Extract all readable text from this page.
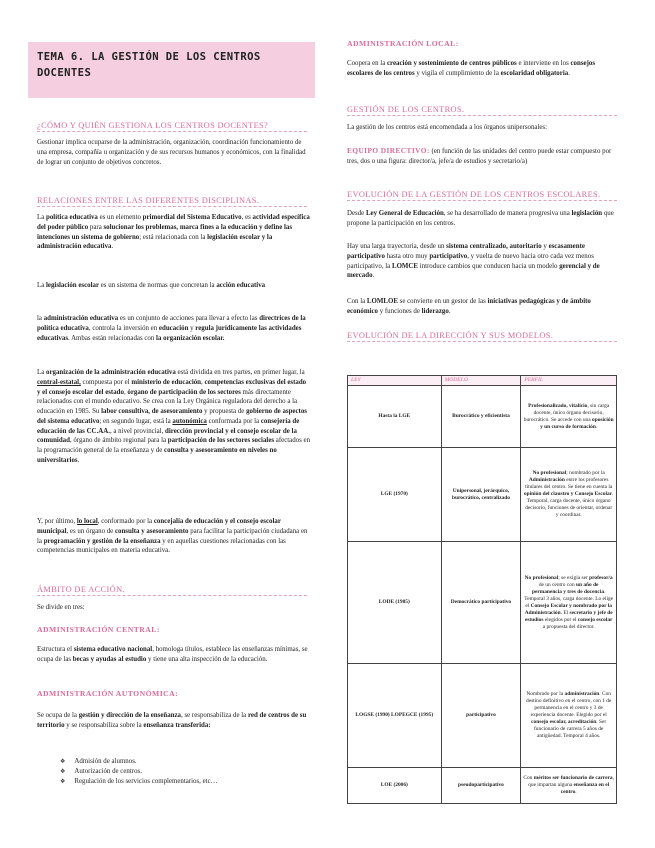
TEMA 6. LA GESTIÓN DE LOS CENTROS DOCENTES
¿CÓMO Y QUIÉN GESTIONA LOS CENTROS DOCENTES?
Gestionar implica ocuparse de la administración, organización, coordinación funcionamiento de una empresa, compañía u organización y de sus recursos humanos y económicos, con la finalidad de lograr un conjunto de objetivos concretos.
RELACIONES ENTRE LAS DIFERENTES DISCIPLINAS.
La política educativa es un elemento primordial del Sistema Educativo, es actividad específica del poder público para solucionar los problemas, marca fines a la educación y define las intenciones un sistema de gobierno; está relacionada con la legislación escolar y la administración educativa.
La legislación escolar es un sistema de normas que concretan la acción educativa
la administración educativa es un conjunto de acciones para llevar a efecto las directrices de la política educativa, controla la inversión en educación y regula jurídicamente las actividades educativas. Ambas están relacionadas con la organización escolar.
La organización de la administración educativa está dividida en tres partes, en primer lugar, la central-estatal, compuesta por el ministerio de educación, competencias exclusivas del estado y el consejo escolar del estado, órgano de participación de los sectores más directamente relacionados con el mundo educativo. Se crea con la Ley Orgánica reguladora del derecho a la educación en 1985. Su labor consultiva, de asesoramiento y propuesta de gobierno de aspectos del sistema educativo; en segundo lugar, está la autonómica conformada por la consejería de educación de las CC.AA., a nivel provincial, dirección provincial y el consejo escolar de la comunidad, órgano de ámbito regional para la participación de los sectores sociales afectados en la programación general de la enseñanza y de consulta y asesoramiento en niveles no universitarios.
Y, por último, lo local, conformado por la concejalía de educación y el consejo escolar municipal, es un órgano de consulta y asesoramiento para facilitar la participación ciudadana en la programación y gestión de la enseñanza y en aquellas cuestiones relacionadas con las competencias municipales en materia educativa.
ÁMBITO DE ACCIÓN.
Se divide en tres:
ADMINISTRACIÓN CENTRAL:
Estructura el sistema educativo nacional, homologa títulos, establece las enseñanzas mínimas, se ocupa de las becas y ayudas al estudio y tiene una alta inspección de la educación.
ADMINISTRACIÓN AUTONÓMICA:
Se ocupa de la gestión y dirección de la enseñanza, se responsabiliza de la red de centros de su territorio y se responsabiliza sobre la enseñanza transferida:
❖ Admisión de alumnos.
❖ Autorización de centros.
❖ Regulación de los servicios complementarios, etc…
ADMINISTRACIÓN LOCAL:
Coopera en la creación y sostenimiento de centros públicos e interviene en los consejos escolares de los centros y vigila el cumplimiento de la escolaridad obligatoria.
GESTIÓN DE LOS CENTROS.
La gestión de los centros está encomendada a los órganos unipersonales:
EQUIPO DIRECTIVO: (en función de las unidades del centro puede estar compuesto por tres, dos o una figura: director/a, jefe/a de estudios y secretario/a)
EVOLUCIÓN DE LA GESTIÓN DE LOS CENTROS ESCOLARES.
Desde Ley General de Educación, se ha desarrollado de manera progresiva una legislación que propone la participación en los centros.
Hay una larga trayectoria, desde un sistema centralizado, autoritario y escasamente participativo hasta otro muy participativo, y vuelta de nuevo hacia otro cada vez menos participativo, la LOMCE introduce cambios que conducen hacia un modelo gerencial y de mercado.
Con la LOMLOE se convierte en un gestor de las iniciativas pedagógicas y de ámbito económico y funciones de liderazgo.
EVOLUCIÓN DE LA DIRECCIÓN Y SUS MODELOS.
LEY	MODELO	PERFIL
Hasta la LGE	Burocrático y eficientista	Profesionalizado, vitalicio, sin carga docente, único órgano decisorio, burocrático. Se accede con una oposición y un curso de formación.
LGE (1970)	Unipersonal, jerárquico, burocrático, centralizado	No profesional; nombrado por la Administración entre los profesores titulares del centro. Se tiene en cuenta la opinión del claustro y Consejo Escolar. Temporal, carga docente, único órgano decisorio, funciones de orientar, ordenar y coordinar.
LODE (1985)	Democrático participativo	No profesional; se exigía ser profesor/a de un centro con un año de permanencia y tres de docencia. Temporal 3 años, carga docente. Lo elige el Consejo Escolar y nombrado por la Administración. El secretario y jefe de estudios elegidos por el consejo escolar a propuesta del director.
LOGSE (1990) LOPEGCE (1995)	participativo	Nombrado por la administración. Con destino definitivo en el centro, con 1 de permanencia en el centro y 3 de experiencia docente. Elegido por el consejo escolar, acreditación. Ser funcionario de carrera 5 años de antigüedad. Temporal 4 años.
LOE (2006)	pseudoparticipativo	Con méritos ser funcionario de carrera, que impartan alguna enseñanza en el centro.
